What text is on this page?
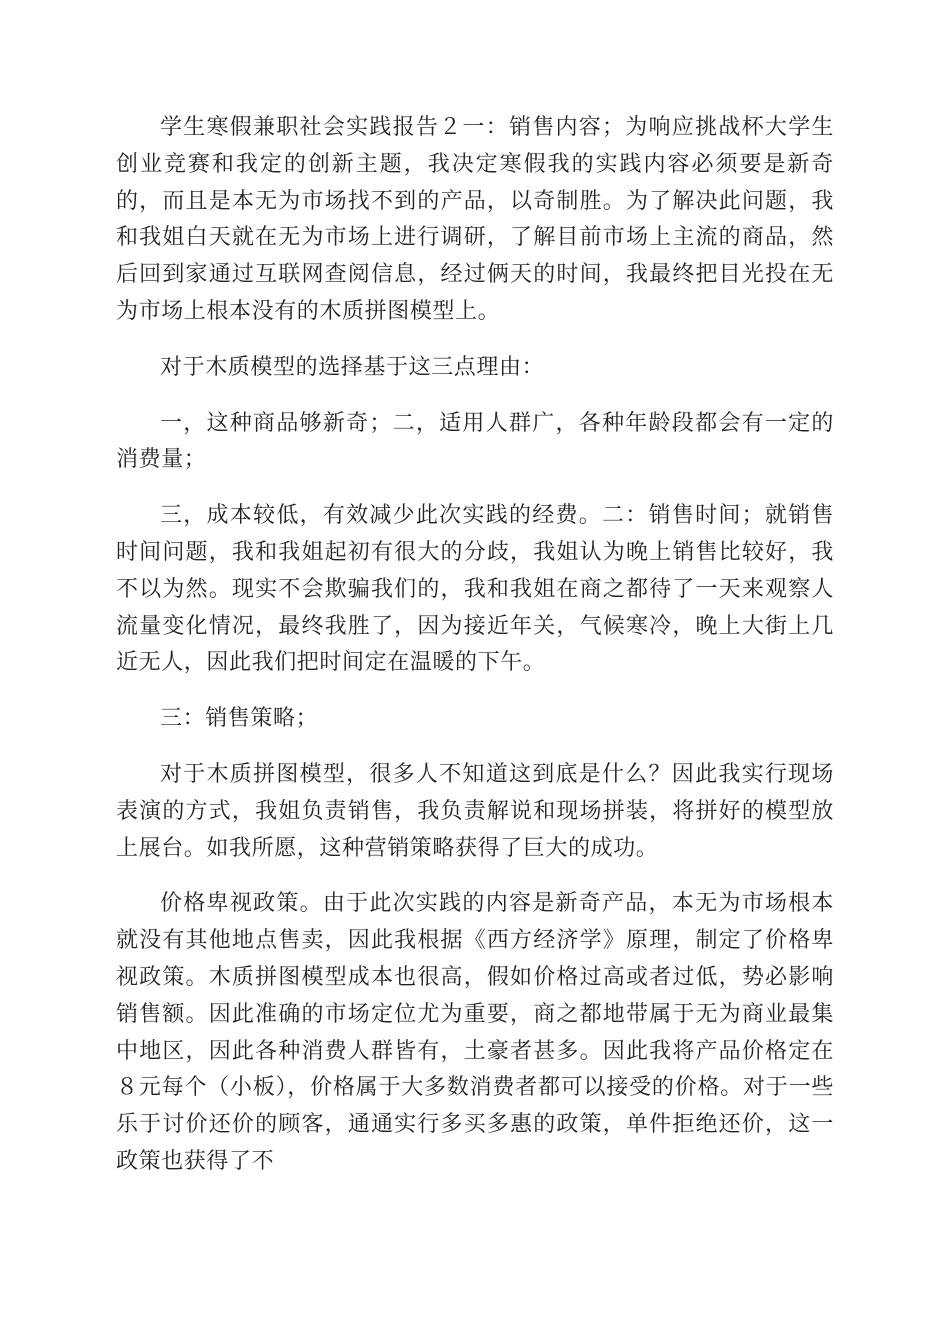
学生寒假兼职社会实践报告２一：销售内容；为响应挑战杯大学生创业竞赛和我定的创新主题，我决定寒假我的实践内容必须要是新奇的，而且是本无为市场找不到的产品，以奇制胜。为了解决此问题，我和我姐白天就在无为市场上进行调研，了解目前市场上主流的商品，然后回到家通过互联网查阅信息，经过俩天的时间，我最终把目光投在无为市场上根本没有的木质拼图模型上。

对于木质模型的选择基于这三点理由：

一，这种商品够新奇；二，适用人群广，各种年龄段都会有一定的消费量；

三，成本较低，有效减少此次实践的经费。二：销售时间；就销售时间问题，我和我姐起初有很大的分歧，我姐认为晚上销售比较好，我不以为然。现实不会欺骗我们的，我和我姐在商之都待了一天来观察人流量变化情况，最终我胜了，因为接近年关，气候寒冷，晚上大街上几近无人，因此我们把时间定在温暖的下午。

三：销售策略；

对于木质拼图模型，很多人不知道这到底是什么？因此我实行现场表演的方式，我姐负责销售，我负责解说和现场拼装，将拼好的模型放上展台。如我所愿，这种营销策略获得了巨大的成功。

价格卑视政策。由于此次实践的内容是新奇产品，本无为市场根本就没有其他地点售卖，因此我根据《西方经济学》原理，制定了价格卑视政策。木质拼图模型成本也很高，假如价格过高或者过低，势必影响销售额。因此准确的市场定位尤为重要，商之都地带属于无为商业最集中地区，因此各种消费人群皆有，土豪者甚多。因此我将产品价格定在８元每个（小板），价格属于大多数消费者都可以接受的价格。对于一些乐于讨价还价的顾客，通通实行多买多惠的政策，单件拒绝还价，这一政策也获得了不
